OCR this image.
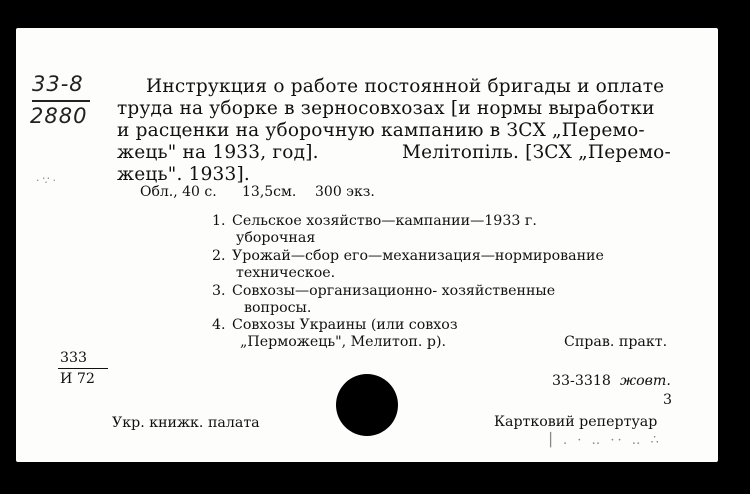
33-8
2880
Инструкция о работе постоянной бригады и оплате
труда на уборке в зерносовхозах [и нормы выработки
и расценки на уборочную кампанию в ЗСХ „Перемо-
жець" на 1933, год].	Мелітопіль. [ЗСХ „Перемо-
жець". 1933].
Обл., 40 с. 13,5см. 300 экз.
1. Сельское хозяйство—кампании—1933 г.
уборочная
2. Урожай—сбор его—механизация—нормирование
техническое.
3. Совхозы—организационно- хозяйственные
вопросы.
4. Совхозы Украины (или совхоз
„Перможець", Мелитоп. р).	Справ. практ.
333
И 72	33-3318 жовт.
3
Укр. книжк. палата	Картковий репертуар
▏. · ‥ ·· ‥ ∴
·∵·
